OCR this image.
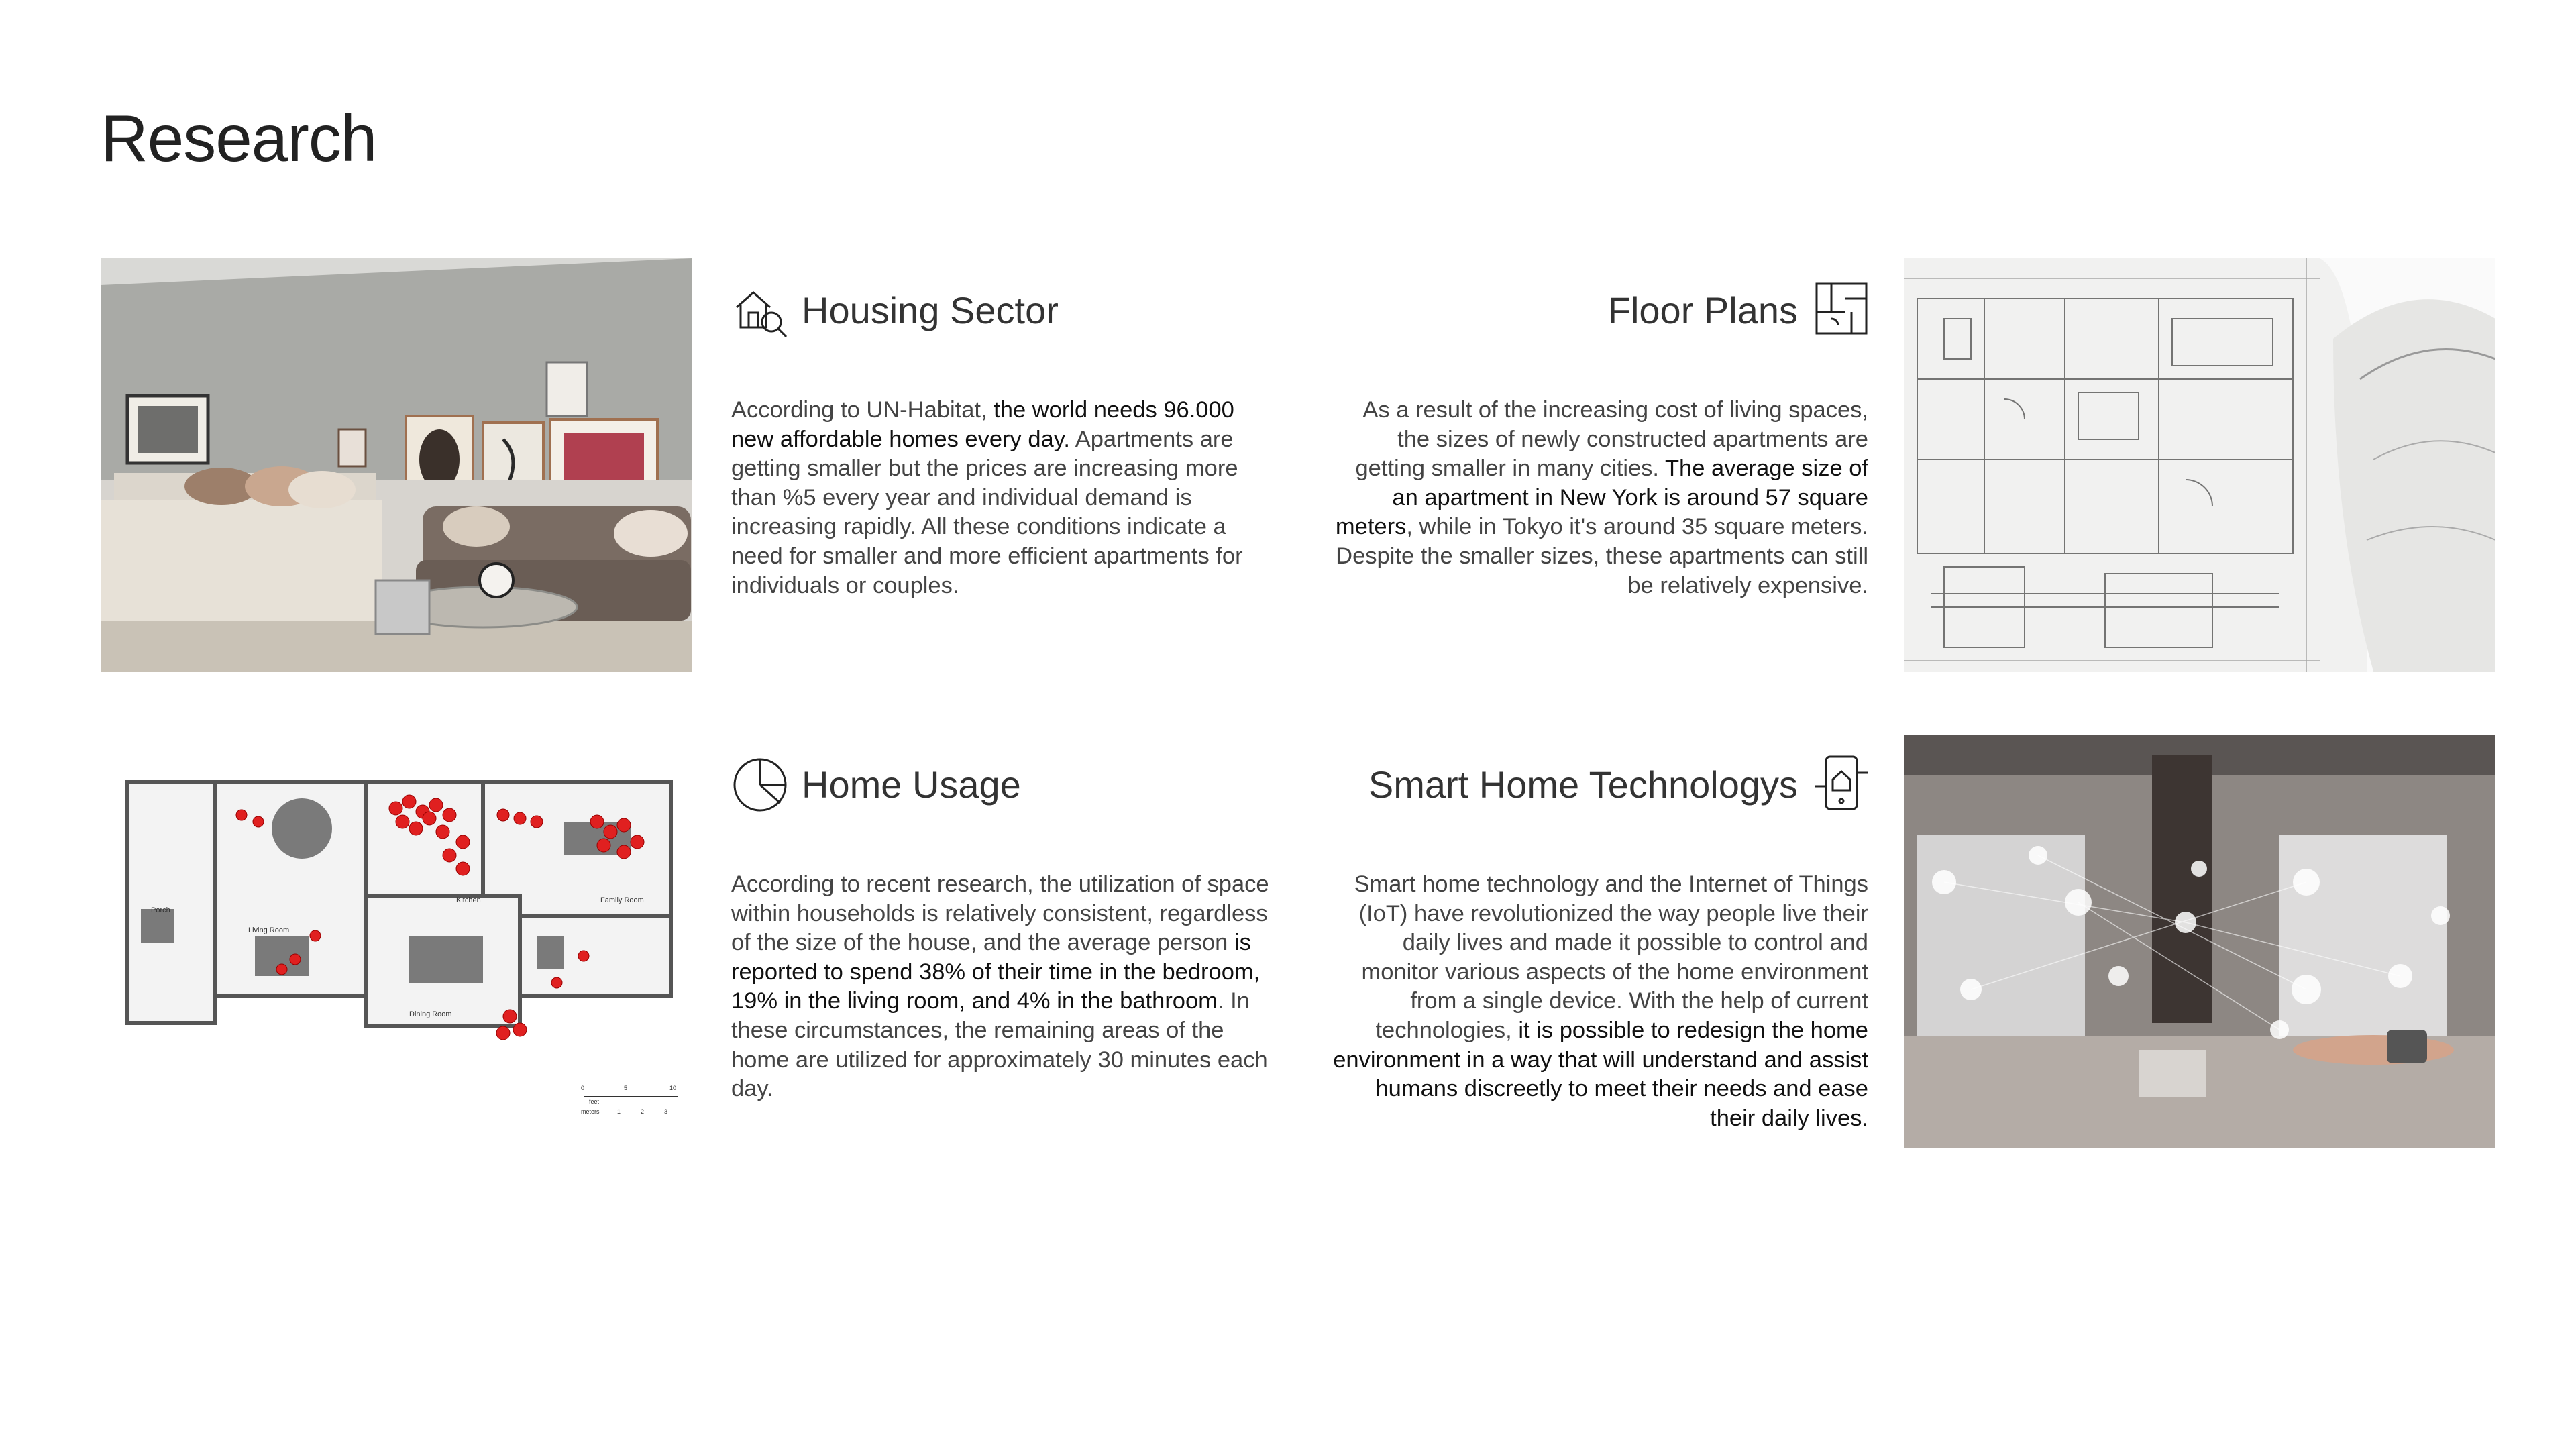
Research
Porch
Living Room
Kitchen	Family Room
Dining Room
0	5	10
feet
meters	1	2	3
Housing Sector
According to UN-Habitat, the world needs 96.000 new affordable homes every day. Apartments are getting smaller but the prices are increasing more than %5 every year and individual demand is increasing rapidly. All these conditions indicate a need for smaller and more efficient apartments for individuals or couples.
Floor Plans
As a result of the increasing cost of living spaces, the sizes of newly constructed apartments are getting smaller in many cities. The average size of an apartment in New York is around 57 square meters, while in Tokyo it's around 35 square meters. Despite the smaller sizes, these apartments can still be relatively expensive.
Home Usage
According to recent research, the utilization of space within households is relatively consistent, regardless of the size of the house, and the average person is reported to spend 38% of their time in the bedroom, 19% in the living room, and 4% in the bathroom. In these circumstances, the remaining areas of the home are utilized for approximately 30 minutes each day.
Smart Home Technologys
Smart home technology and the Internet of Things (IoT) have revolutionized the way people live their daily lives and made it possible to control and monitor various aspects of the home environment from a single device. With the help of current technologies, it is possible to redesign the home environment in a way that will understand and assist humans discreetly to meet their needs and ease their daily lives.
